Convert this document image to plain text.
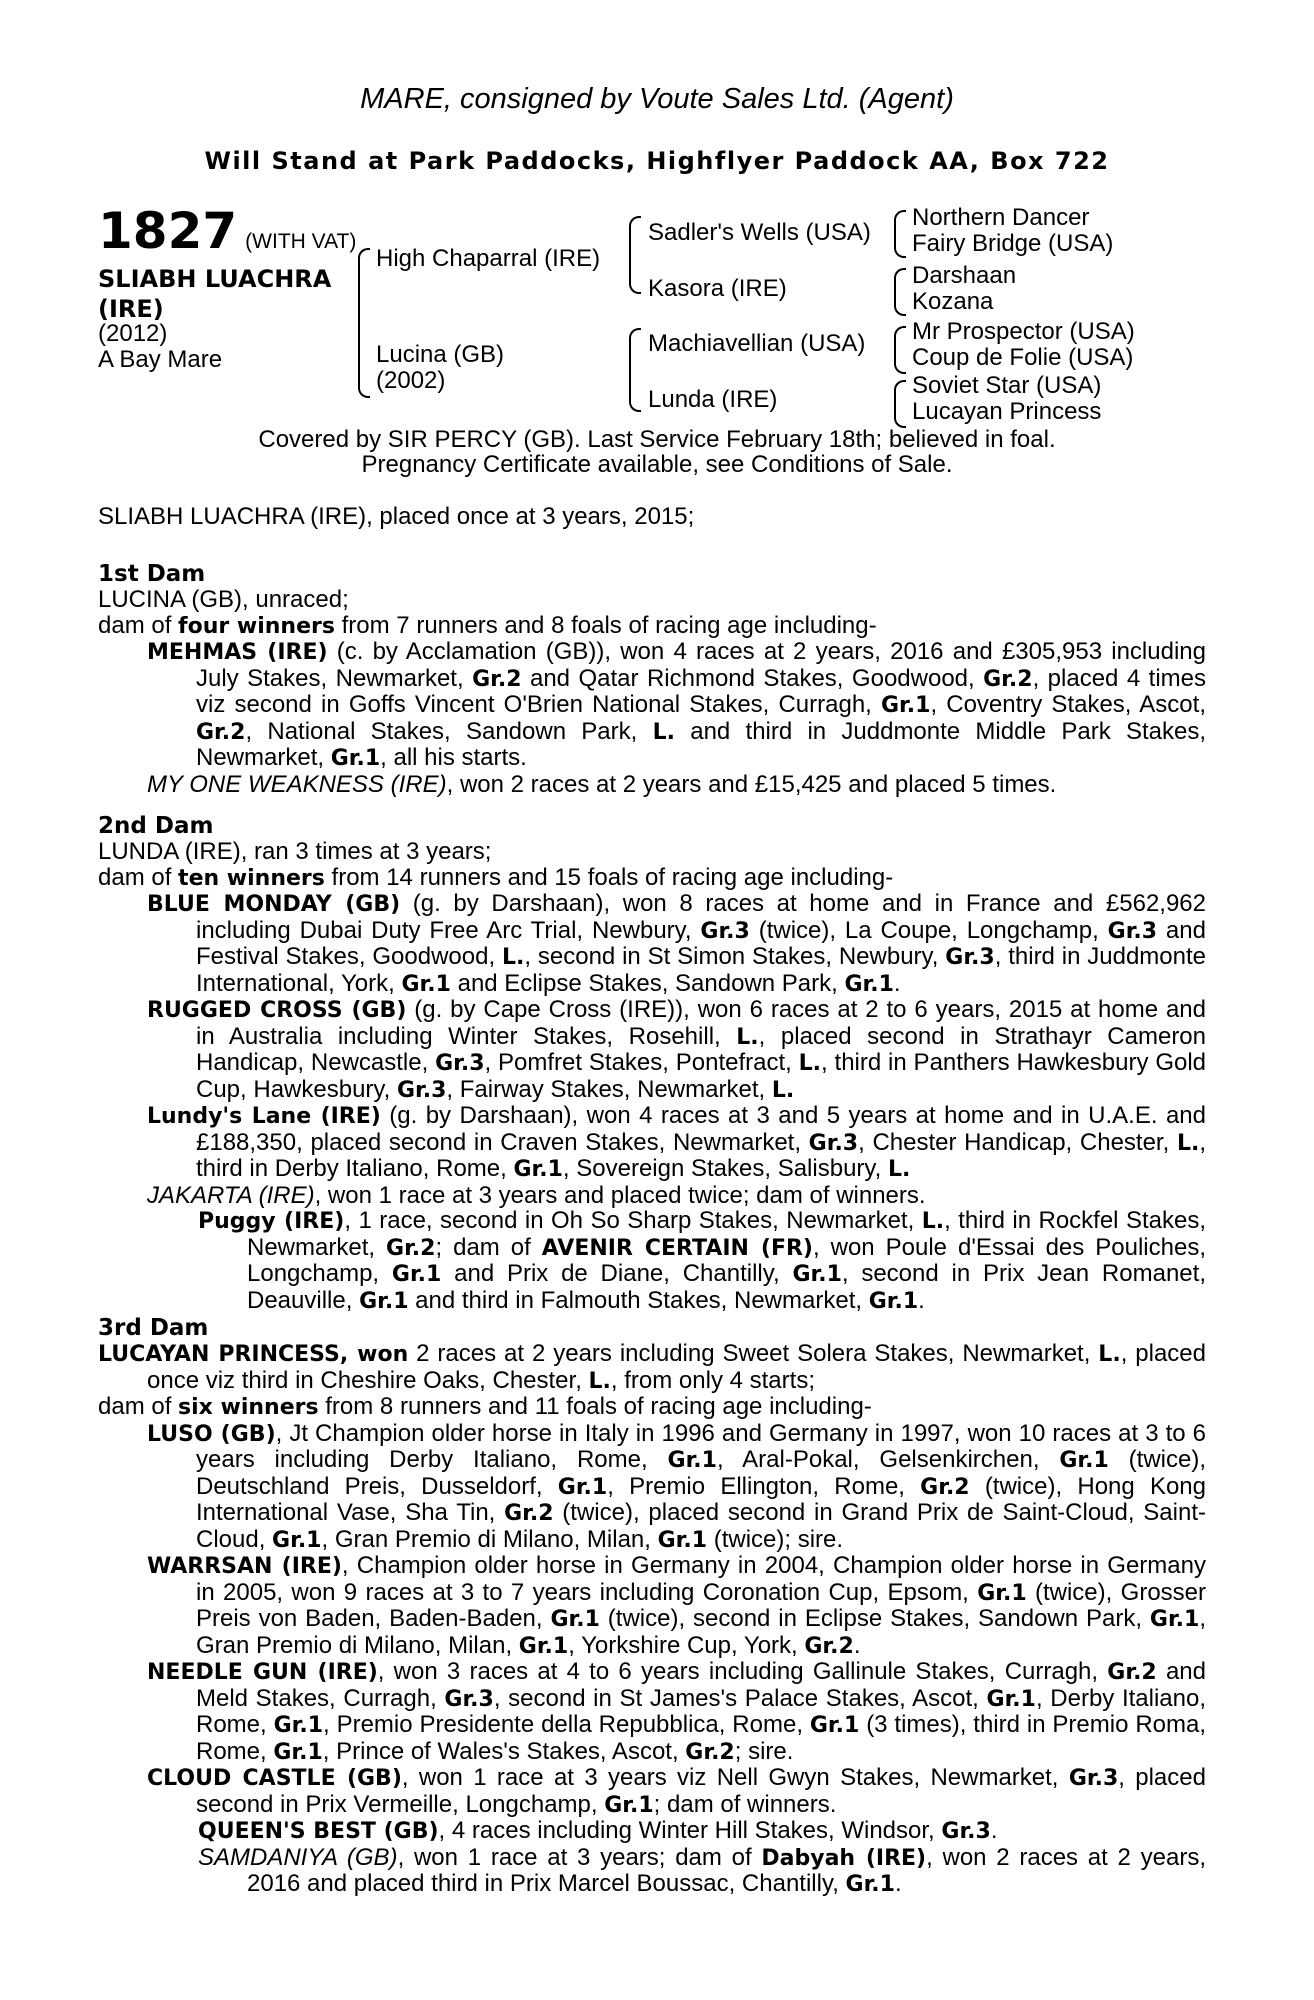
MARE, consigned by Voute Sales Ltd. (Agent)
Will Stand at Park Paddocks, Highflyer Paddock AA, Box 722
1827 (WITH VAT)
SLIABH LUACHRA
(IRE)
(2012)
A Bay Mare
High Chaparral (IRE)
Lucina (GB)
(2002)
Sadler's Wells (USA)
Kasora (IRE)
Machiavellian (USA)
Lunda (IRE)
Northern Dancer
Fairy Bridge (USA)
Darshaan
Kozana
Mr Prospector (USA)
Coup de Folie (USA)
Soviet Star (USA)
Lucayan Princess
Covered by SIR PERCY (GB). Last Service February 18th; believed in foal.
Pregnancy Certificate available, see Conditions of Sale.
SLIABH LUACHRA (IRE), placed once at 3 years, 2015;
1st Dam
LUCINA (GB), unraced;
dam of four winners from 7 runners and 8 foals of racing age including-
MEHMAS (IRE) (c. by Acclamation (GB)), won 4 races at 2 years, 2016 and £305,953 including July Stakes, Newmarket, Gr.2 and Qatar Richmond Stakes, Goodwood, Gr.2, placed 4 times viz second in Goffs Vincent O'Brien National Stakes, Curragh, Gr.1, Coventry Stakes, Ascot, Gr.2, National Stakes, Sandown Park, L. and third in Juddmonte Middle Park Stakes, Newmarket, Gr.1, all his starts.
MY ONE WEAKNESS (IRE), won 2 races at 2 years and £15,425 and placed 5 times.
2nd Dam
LUNDA (IRE), ran 3 times at 3 years;
dam of ten winners from 14 runners and 15 foals of racing age including-
BLUE MONDAY (GB) (g. by Darshaan), won 8 races at home and in France and £562,962 including Dubai Duty Free Arc Trial, Newbury, Gr.3 (twice), La Coupe, Longchamp, Gr.3 and Festival Stakes, Goodwood, L., second in St Simon Stakes, Newbury, Gr.3, third in Juddmonte International, York, Gr.1 and Eclipse Stakes, Sandown Park, Gr.1.
RUGGED CROSS (GB) (g. by Cape Cross (IRE)), won 6 races at 2 to 6 years, 2015 at home and in Australia including Winter Stakes, Rosehill, L., placed second in Strathayr Cameron Handicap, Newcastle, Gr.3, Pomfret Stakes, Pontefract, L., third in Panthers Hawkesbury Gold Cup, Hawkesbury, Gr.3, Fairway Stakes, Newmarket, L.
Lundy's Lane (IRE) (g. by Darshaan), won 4 races at 3 and 5 years at home and in U.A.E. and £188,350, placed second in Craven Stakes, Newmarket, Gr.3, Chester Handicap, Chester, L., third in Derby Italiano, Rome, Gr.1, Sovereign Stakes, Salisbury, L.
JAKARTA (IRE), won 1 race at 3 years and placed twice; dam of winners.
Puggy (IRE), 1 race, second in Oh So Sharp Stakes, Newmarket, L., third in Rockfel Stakes, Newmarket, Gr.2; dam of AVENIR CERTAIN (FR), won Poule d'Essai des Pouliches, Longchamp, Gr.1 and Prix de Diane, Chantilly, Gr.1, second in Prix Jean Romanet, Deauville, Gr.1 and third in Falmouth Stakes, Newmarket, Gr.1.
3rd Dam
LUCAYAN PRINCESS, won 2 races at 2 years including Sweet Solera Stakes, Newmarket, L., placed once viz third in Cheshire Oaks, Chester, L., from only 4 starts;
dam of six winners from 8 runners and 11 foals of racing age including-
LUSO (GB), Jt Champion older horse in Italy in 1996 and Germany in 1997, won 10 races at 3 to 6 years including Derby Italiano, Rome, Gr.1, Aral-Pokal, Gelsenkirchen, Gr.1 (twice), Deutschland Preis, Dusseldorf, Gr.1, Premio Ellington, Rome, Gr.2 (twice), Hong Kong International Vase, Sha Tin, Gr.2 (twice), placed second in Grand Prix de Saint-Cloud, Saint-Cloud, Gr.1, Gran Premio di Milano, Milan, Gr.1 (twice); sire.
WARRSAN (IRE), Champion older horse in Germany in 2004, Champion older horse in Germany in 2005, won 9 races at 3 to 7 years including Coronation Cup, Epsom, Gr.1 (twice), Grosser Preis von Baden, Baden-Baden, Gr.1 (twice), second in Eclipse Stakes, Sandown Park, Gr.1, Gran Premio di Milano, Milan, Gr.1, Yorkshire Cup, York, Gr.2.
NEEDLE GUN (IRE), won 3 races at 4 to 6 years including Gallinule Stakes, Curragh, Gr.2 and Meld Stakes, Curragh, Gr.3, second in St James's Palace Stakes, Ascot, Gr.1, Derby Italiano, Rome, Gr.1, Premio Presidente della Repubblica, Rome, Gr.1 (3 times), third in Premio Roma, Rome, Gr.1, Prince of Wales's Stakes, Ascot, Gr.2; sire.
CLOUD CASTLE (GB), won 1 race at 3 years viz Nell Gwyn Stakes, Newmarket, Gr.3, placed second in Prix Vermeille, Longchamp, Gr.1; dam of winners.
QUEEN'S BEST (GB), 4 races including Winter Hill Stakes, Windsor, Gr.3.
SAMDANIYA (GB), won 1 race at 3 years; dam of Dabyah (IRE), won 2 races at 2 years, 2016 and placed third in Prix Marcel Boussac, Chantilly, Gr.1.
